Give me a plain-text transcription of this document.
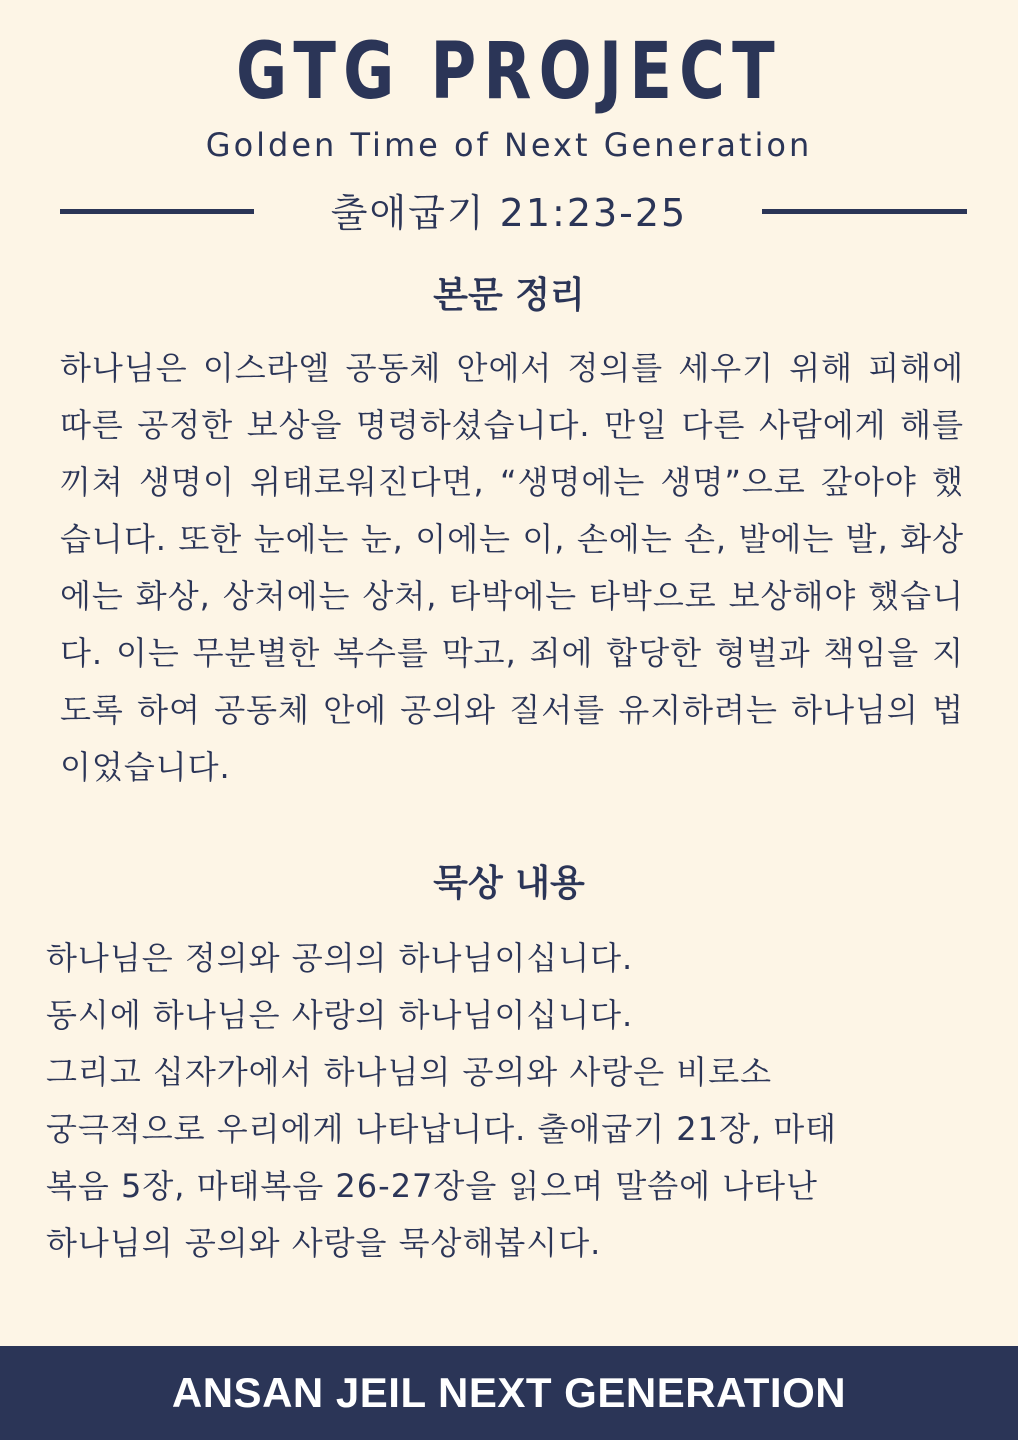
GTG PROJECT
Golden Time of Next Generation
출애굽기 21:23-25
본문 정리

하나님은 이스라엘 공동체 안에서 정의를 세우기 위해 피해에 따른 공정한 보상을 명령하셨습니다. 만일 다른 사람에게 해를 끼쳐 생명이 위태로워진다면, “생명에는 생명”으로 갚아야 했습니다. 또한 눈에는 눈, 이에는 이, 손에는 손, 발에는 발, 화상에는 화상, 상처에는 상처, 타박에는 타박으로 보상해야 했습니다. 이는 무분별한 복수를 막고, 죄에 합당한 형벌과 책임을 지도록 하여 공동체 안에 공의와 질서를 유지하려는 하나님의 법이었습니다.

묵상 내용
하나님은 정의와 공의의 하나님이십니다.
동시에 하나님은 사랑의 하나님이십니다.
그리고 십자가에서 하나님의 공의와 사랑은 비로소
궁극적으로 우리에게 나타납니다. 출애굽기 21장, 마태
복음 5장, 마태복음 26-27장을 읽으며 말씀에 나타난
하나님의 공의와 사랑을 묵상해봅시다.
ANSAN JEIL NEXT GENERATION
